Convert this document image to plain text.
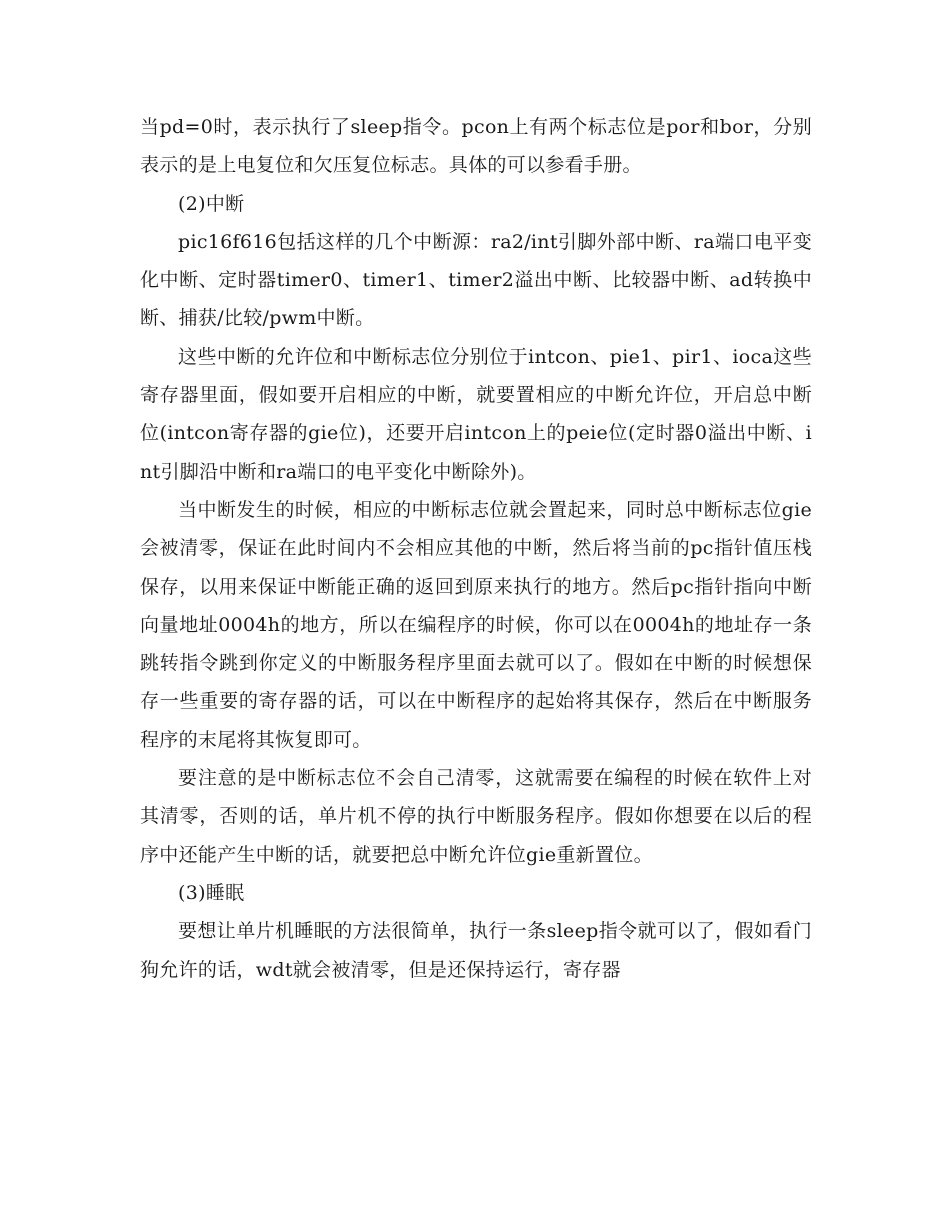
当pd=0时，表示执行了sleep指令。pcon上有两个标志位是por和bor，分别表示的是上电复位和欠压复位标志。具体的可以参看手册。

(2)中断

pic16f616包括这样的几个中断源：ra2/int引脚外部中断、ra端口电平变化中断、定时器timer0、timer1、timer2溢出中断、比较器中断、ad转换中断、捕获/比较/pwm中断。

这些中断的允许位和中断标志位分别位于intcon、pie1、pir1、ioca这些寄存器里面，假如要开启相应的中断，就要置相应的中断允许位，开启总中断位(intcon寄存器的gie位)，还要开启intcon上的peie位(定时器0溢出中断、int引脚沿中断和ra端口的电平变化中断除外)。

当中断发生的时候，相应的中断标志位就会置起来，同时总中断标志位gie会被清零，保证在此时间内不会相应其他的中断，然后将当前的pc指针值压栈保存，以用来保证中断能正确的返回到原来执行的地方。然后pc指针指向中断向量地址0004h的地方，所以在编程序的时候，你可以在0004h的地址存一条跳转指令跳到你定义的中断服务程序里面去就可以了。假如在中断的时候想保存一些重要的寄存器的话，可以在中断程序的起始将其保存，然后在中断服务程序的末尾将其恢复即可。

要注意的是中断标志位不会自己清零，这就需要在编程的时候在软件上对其清零，否则的话，单片机不停的执行中断服务程序。假如你想要在以后的程序中还能产生中断的话，就要把总中断允许位gie重新置位。

(3)睡眠

要想让单片机睡眠的方法很简单，执行一条sleep指令就可以了，假如看门狗允许的话，wdt就会被清零，但是还保持运行，寄存器
